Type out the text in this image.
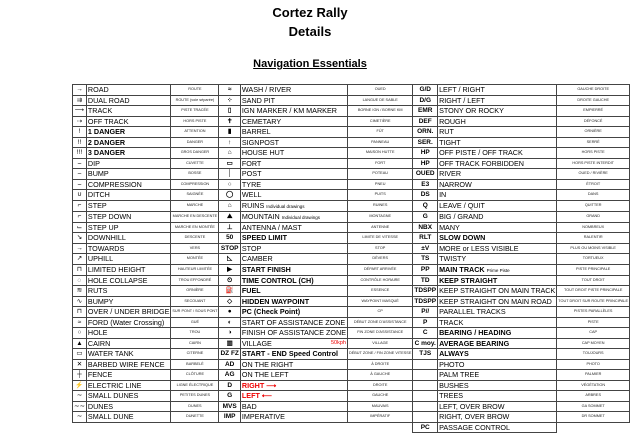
Cortez Rally
Details
Navigation Essentials
→	ROAD	ROUTE	≈	WASH / RIVER	OUED	G/D	LEFT / RIGHT	GAUCHE DROITE
⇉	DUAL ROAD	ROUTE (voie séparée)	⁘	SAND PIT	LANGUE DE SABLE	D/G	RIGHT / LEFT	DROITE GAUCHE
⟶	TRACK	PISTE TRACÉE	▯	IGN MARKER / KM MARKER	BORNE IGN / BORNE KM	EMR	STONY OR ROCKY	EMPIERRÉ
⇢	OFF TRACK	HORS PISTE	✝	CEMETARY	CIMETIÈRE	DEF	ROUGH	DÉFONCÉ
!	1 DANGER	ATTENTION	▮	BARREL	FÛT	ORN.	RUT	ORNIÈRE
!!	2 DANGER	DANGER	↑	SIGNPOST	PANNEAU	SER.	TIGHT	SERRÉ
!!!	3 DANGER	GROS DANGER	⌂	HOUSE HUT	MAISON HUTTE	HP	OFF PISTE / OFF TRACK	HORS PISTE
⌣	DIP	CUVETTE	▭	FORT	FORT	HP	OFF TRACK FORBIDDEN	HORS PISTE INTERDIT
⌢	BUMP	BOSSE	│	POST	POTEAU	OUED	RIVER	OUED / RIVIÈRE
⌣	COMPRESSION	COMPRESSION	○	TYRE	PNEU	E3	NARROW	ÉTROIT
∪	DITCH	SAIGNÉE	◯	WELL	PUITS	DS	IN	DANS
⌐	STEP	MARCHE	⌂	RUINS Individual drawings	RUINES	Q	LEAVE / QUIT	QUITTER
⌐	STEP DOWN	MARCHE EN DESCENTE	⛰	MOUNTAIN Individual drawings	MONTAGNE	G	BIG / GRAND	GRAND
⌙	STEP UP	MARCHE EN MONTÉE	⊥	ANTENNA / MAST	ANTENNE	NBX	MANY	NOMBREUX
↘	DOWNHILL	DESCENTE	50	SPEED LIMIT	LIMITE DE VITESSE	RLT	SLOW DOWN	RALENTIR
→	TOWARDS	VERS	STOP	STOP	STOP	±V	MORE or LESS VISIBLE	PLUS OU MOINS VISIBLE
↗	UPHILL	MONTÉE	◺	CAMBER	DÉVERS	TS	TWISTY	TORTUEUX
⊓	LIMITED HEIGHT	HAUTEUR LIMITÉE	▶	START FINISH	DÉPART ARRIVÉE	PP	MAIN TRACK Prime Piste	PISTE PRINCIPALE
◌	HOLE COLLAPSE	TROU EFFONDRÉ	⏲	TIME CONTROL (CH)	CONTRÔLE HORAIRE	TD	KEEP STRAIGHT	TOUT DROIT
≋	RUTS	ORNIÈRE	⛽	FUEL	ESSENCE	TDSPP	KEEP STRAIGHT ON MAIN TRACK	TOUT DROIT PISTE PRINCIPALE
∿	BUMPY	SECOUANT	◇	HIDDEN WAYPOINT	WAYPOINT MASQUÉ	TDSPP	KEEP STRAIGHT ON MAIN ROAD	TOUT DROIT SUR ROUTE PRINCIPALE
⊓	OVER / UNDER BRIDGE	SUR PONT / SOUS PONT	●	PC (Check Point)	CP	P//	PARALLEL TRACKS	PISTES PARALLÈLES
≈	FORD (Water Crossing)	GUÉ	◐	START OF ASSISTANCE ZONE	DÉBUT ZONE D'ASSISTANCE	P	TRACK	PISTE
○	HOLE	TROU	◑	FINISH OF ASSISTANCE ZONE	FIN ZONE D'ASSISTANCE	C	BEARING / HEADING	CAP
▲	CAIRN	CAIRN	▥	VILLAGE 50kph	VILLAGE	C moy.	AVERAGE BEARING	CAP MOYEN
▭	WATER TANK	CITERNE	DZ FZ	START - END Speed Control	DÉBUT ZONE / FIN ZONE VITESSE	TJS	ALWAYS	TOUJOURS
✕	BARBED WIRE FENCE	BARBELÉ	AD	ON THE RIGHT	À DROITE		PHOTO	PHOTO
┼	FENCE	CLÔTURE	AG	ON THE LEFT	À GAUCHE		PALM TREE	PALMIER
⚡	ELECTRIC LINE	LIGNE ÉLECTRIQUE	D	RIGHT ⟶	DROITE		BUSHES	VÉGÉTATION
∼	SMALL DUNES	PETITES DUNES	G	LEFT ⟵	GAUCHE		TREES	ARBRES
∼∼	DUNES	DUNES	MVS	BAD	MAUVAIS		LEFT, OVER BROW	GA SOMMET
∼	SMALL DUNE	DUNETTE	IMP	IMPERATIVE	IMPÉRATIF		RIGHT, OVER BROW	DR SOMMET
						PC	PASSAGE CONTROL	
